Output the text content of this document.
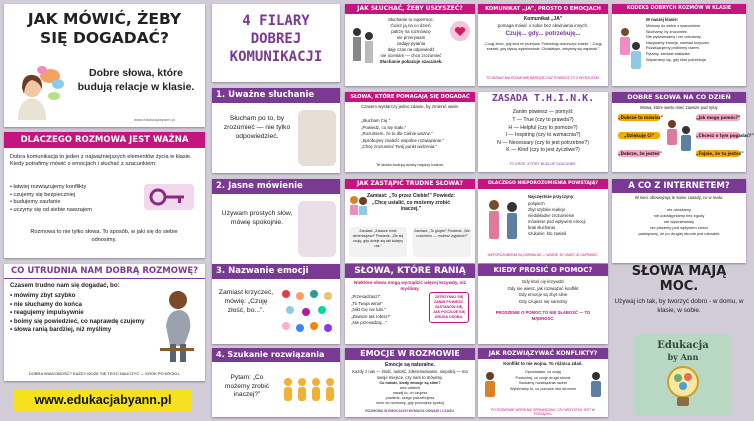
JAK MÓWIĆ, ŻEBY SIĘ DOGADAĆ?
Dobre słowa, które budują relacje w klasie.
www.edukacjabyann.pl
DLACZEGO ROZMOWA JEST WAŻNA
Dobra komunikacja to jeden z najważniejszych elementów życia w klasie. Kiedy potrafimy mówić o emocjach i słuchać z szacunkiem:
• łatwiej rozwiązujemy konflikty
• czujemy się bezpieczniej
• budujemy zaufanie
• uczymy się od siebie nawzajem
Rozmowa to nie tylko słowa. To sposób, w jaki się do siebie odnosimy.
CO UTRUDNIA NAM DOBRĄ ROZMOWĘ?
Czasem trudno nam się dogadać, bo:
• mówimy zbyt szybko
• nie słuchamy do końca
• reagujemy impulsywnie
• boimy się powiedzieć, co naprawdę czujemy
• słowa ranią bardziej, niż myślimy
DOBRA WIADOMOŚĆ? KAŻDY MOŻE SIĘ TEGO NAUCZYĆ — KROK PO KROKU.
www.edukacjabyann.pl
4 FILARY DOBREJ KOMUNIKACJI
1. Uważne słuchanie
Słucham po to, by zrozumieć — nie tylko odpowiedzieć.
2. Jasne mówienie
Używam prostych słów, mówię spokojnie.
3. Nazwanie emocji
Zamiast krzyczeć, mówię: „Czuję złość, bo...”.
4. Szukanie rozwiązania
Pytam: „Co możemy zrobić inaczej?”
JAK SŁUCHAĆ, ŻEBY USŁYSZEĆ?
Słuchanie to supermoc.
Ćwicz ją na co dzień:
patrzę na rozmówcę
nie przerywam
zadaję pytania
daję czas na odpowiedź
nie oceniam — chcę zrozumieć
Słuchanie pokazuje szacunek.
SŁOWA, KTÓRE POMAGAJĄ SIĘ DOGADAĆ
Czasem wystarczy jedno zdanie, by zmienić wiele:
„Słucham Cię.”
„Powiedz, co się stało.”
„Rozumiem, że to dla Ciebie ważne.”
„Spróbujmy znaleźć wspólne rozwiązanie.”
„Chcę zrozumieć Twój punkt widzenia.”
Te słowa budują mosty między ludźmi.
JAK ZASTĄPIĆ TRUDNE SŁOWA?
Zamiast: „To przez Ciebie!” Powiedz: „Chcę ustalić, co możemy zrobić inaczej.”
Zamiast: „Zawsze mnie denerwujesz!” Powiedz: „Źle się czuję, gdy dzieje się tak kolejny raz.”
Zamiast: „To głupie!” Powiedz: „Nie rozumiem — możesz wyjaśnić?”
SŁOWA, KTÓRE RANIĄ
Niektóre słowa mogą wyrządzić więcej krzywdy, niż myślimy.
„Przesadzasz!”
„To Twoja wina!”
„Nikt Cię nie lubi.”
„Zawsze tak robisz!”
„Nie przesadzaj...”
ZATRZYMAJ SIĘ ZANIM POWIESZ. ZASTANÓW SIĘ, JAK POCZUJE SIĘ DRUGA OSOBA.
EMOCJE W ROZMOWIE
Emocje są naturalne.
Każdy z nas — złość, radość, zdenerwowanie, niepokój — ma swoje miejsce, czy nam to mówimy.
Co mówić, kiedy emocje są silne?
weź oddech
nazwij to, co czujesz
powiedz, czego potrzebujesz
wróć do rozmowy, gdy poczujesz spokój
ROZMOWA W EMOCJACH WYMAGA ODWAGI I CZASU.
KOMUNIKAT „JA”, PROSTO O EMOCJACH
Komunikat „JA”
pomaga mówić o sobie bez obwiniania innych.
Czuję... gdy... potrzebuję...
„Czuję złość, gdy ktoś mi przerywa. Potrzebuję dokończyć zdanie.” „Czuję smutek, gdy słyszę wyśmiewanie. Chciałabym, żebyśmy się wspierali.”
TO WZMACNIA ROZMOWĘ BARDZIEJ NIŻ POWIEDZ TO Z WYRZUTEM.
ZASADA T.H.I.N.K.
Zanim powiesz — pomyśl:
T — True (czy to prawda?)
H — Helpful (czy to pomoże?)
I — Inspiring (czy to wzmacnia?)
N — Necessary (czy to jest potrzebne?)
K — Kind (czy to jest życzliwe?)
TO KROK, KTÓRY BUDUJE SZACUNEK.
DLACZEGO NIEPOROZUMIENIA POWSTAJĄ?
Najczęstsze przyczyny:
pośpiech
zbyt szybkie reakcje
niedokładne zrozumienie
mówienie pod wpływem emocji
brak słuchania
szukanie, kto zawinił
NIEPOROZUMIENIA SĄ NORMALNE — WAŻNE, BY UMIEĆ JE NAPRAWIĆ.
KIEDY PROSIĆ O POMOC?
Gdy ktoś cię krzywdzi
Gdy nie wiesz, jak rozwiązać konflikt
Gdy emocje są zbyt silne
Gdy czujesz się samotny
PROSZENIE O POMOC TO NIE SŁABOŚĆ — TO MĄDROŚĆ.
JAK ROZWIĄZYWAĆ KONFLIKTY?
Konflikt to nie wojna. To różnica zdań.
Opowiadam, co czuję
Posłuchaj, co czuje druga strona
Szukamy rozwiązania razem
Wybieramy to, co pomoże obu stronom
PO ROZMOWIE WSPÓLNIE SPRAWDZAMY, CZY WSZYSTKO JEST W PORZĄDKU.
KODEKS DOBRYCH ROZMÓW W KLASIE
W naszej klasie:
Mówimy do siebie z szacunkiem.
Słuchamy, by zrozumieć.
Nie wyśmiewamy i nie oceniamy.
Nazywamy emocje, zamiast krzyczeć.
Rozwiązujemy problemy razem.
Pytamy, zamiast zakładać.
Wspieramy się, gdy ktoś potrzebuje.
DOBRE SŁOWA NA CO DZIEŃ
Słowa, które warto mieć zawsze pod ręką:
„Dobrze to mówisz”	„Jak mogę pomóc?”
„Dziękuję Ci”	„Chcesz o tym pogadać?”
„Dobrze, że jesteś”	„Fajnie, że tu jesteś”
A CO Z INTERNETEM?
W sieci obowiązują te same zasady, co w realu:
nie obrażamy
nie udostępniamy bez zgody
nie wyśmiewamy
nie piszemy pod wpływem złości
pamiętamy, że po drugiej stronie jest człowiek
SŁOWA MAJĄ MOC.
Używaj ich tak, by tworzyć dobro - w domu, w klasie, w sobie.
Edukacja
by Ann
